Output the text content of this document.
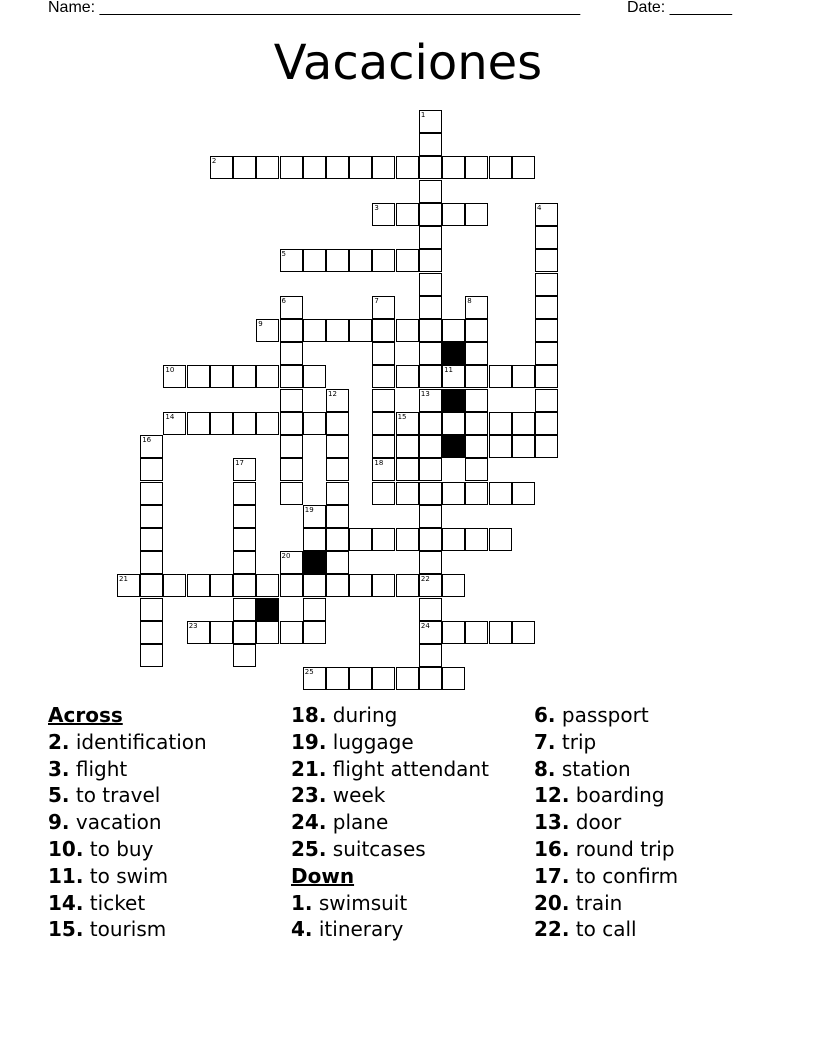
Name: ______________________________________________________	Date: _______
Vacaciones
2
3
5
9
10	11
14	15
18
20
21	22
23	24
25
1
13
4
6	7	8
12
16
17
19
Across
2. identification
3. flight
5. to travel
9. vacation
10. to buy
11. to swim
14. ticket
15. tourism
18. during
19. luggage
21. flight attendant
23. week
24. plane
25. suitcases
Down
1. swimsuit
4. itinerary
6. passport
7. trip
8. station
12. boarding
13. door
16. round trip
17. to confirm
20. train
22. to call
